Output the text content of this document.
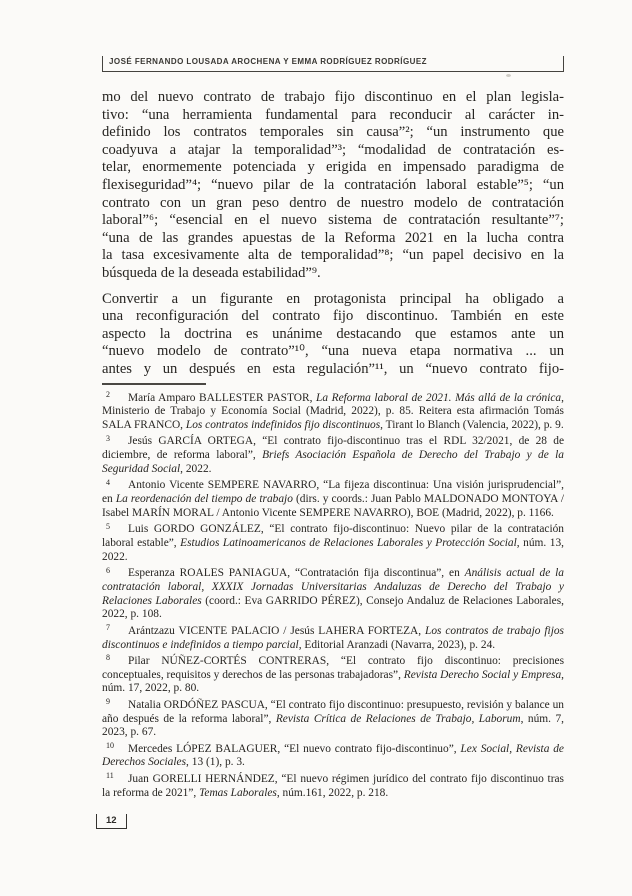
JOSÉ FERNANDO LOUSADA AROCHENA Y EMMA RODRÍGUEZ RODRÍGUEZ
mo del nuevo contrato de trabajo fijo discontinuo en el plan legisla-
tivo: “una herramienta fundamental para reconducir al carácter in-
definido los contratos temporales sin causa”²; “un instrumento que
coadyuva a atajar la temporalidad”³; “modalidad de contratación es-
telar, enormemente potenciada y erigida en impensado paradigma de
flexiseguridad”⁴; “nuevo pilar de la contratación laboral estable”⁵; “un
contrato con un gran peso dentro de nuestro modelo de contratación
laboral”⁶; “esencial en el nuevo sistema de contratación resultante”⁷;
“una de las grandes apuestas de la Reforma 2021 en la lucha contra
la tasa excesivamente alta de temporalidad”⁸; “un papel decisivo en la
búsqueda de la deseada estabilidad”⁹.
Convertir a un figurante en protagonista principal ha obligado a
una reconfiguración del contrato fijo discontinuo. También en este
aspecto la doctrina es unánime destacando que estamos ante un
“nuevo modelo de contrato”¹⁰, “una nueva etapa normativa ... un
antes y un después en esta regulación”¹¹, un “nuevo contrato fijo-
$^2$ María Amparo BALLESTER PASTOR, La Reforma laboral de 2021. Más allá de la crónica, Ministerio de Trabajo y Economía Social (Madrid, 2022), p. 85. Reitera esta afirmación Tomás SALA FRANCO, Los contratos indefinidos fijo discontinuos, Tirant lo Blanch (Valencia, 2022), p. 9.
$^3$ Jesús GARCÍA ORTEGA, “El contrato fijo-discontinuo tras el RDL 32/2021, de 28 de diciembre, de reforma laboral”, Briefs Asociación Española de Derecho del Trabajo y de la Seguridad Social, 2022.
$^4$ Antonio Vicente SEMPERE NAVARRO, “La fijeza discontinua: Una visión jurisprudencial”, en La reordenación del tiempo de trabajo (dirs. y coords.: Juan Pablo MALDONADO MONTOYA / Isabel MARÍN MORAL / Antonio Vicente SEMPERE NAVARRO), BOE (Madrid, 2022), p. 1166.
$^5$ Luis GORDO GONZÁLEZ, “El contrato fijo-discontinuo: Nuevo pilar de la contratación laboral estable”, Estudios Latinoamericanos de Relaciones Laborales y Protección Social, núm. 13, 2022.
$^6$ Esperanza ROALES PANIAGUA, “Contratación fija discontinua”, en Análisis actual de la contratación laboral, XXXIX Jornadas Universitarias Andaluzas de Derecho del Trabajo y Relaciones Laborales (coord.: Eva GARRIDO PÉREZ), Consejo Andaluz de Relaciones Laborales, 2022, p. 108.
$^7$ Arántzazu VICENTE PALACIO / Jesús LAHERA FORTEZA, Los contratos de trabajo fijos discontinuos e indefinidos a tiempo parcial, Editorial Aranzadi (Navarra, 2023), p. 24.
$^8$ Pilar NÚÑEZ-CORTÉS CONTRERAS, “El contrato fijo discontinuo: precisiones conceptuales, requisitos y derechos de las personas trabajadoras”, Revista Derecho Social y Empresa, núm. 17, 2022, p. 80.
$^9$ Natalia ORDÓÑEZ PASCUA, “El contrato fijo discontinuo: presupuesto, revisión y balance un año después de la reforma laboral”, Revista Crítica de Relaciones de Trabajo, Laborum, núm. 7, 2023, p. 67.
$^{10}$ Mercedes LÓPEZ BALAGUER, “El nuevo contrato fijo-discontinuo”, Lex Social, Revista de Derechos Sociales, 13 (1), p. 3.
$^{11}$ Juan GORELLI HERNÁNDEZ, “El nuevo régimen jurídico del contrato fijo discontinuo tras la reforma de 2021”, Temas Laborales, núm.161, 2022, p. 218.
12
